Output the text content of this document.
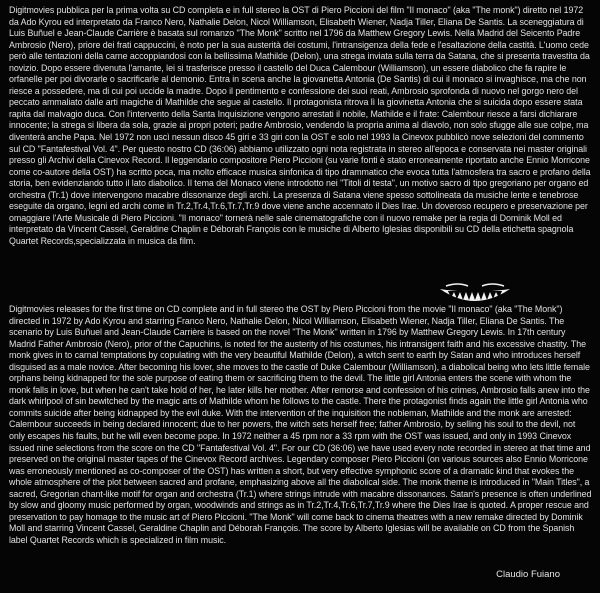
Digitmovies pubblica per la prima volta su CD completa e in full stereo la OST di Piero Piccioni del film "Il monaco" (aka "The monk") diretto nel 1972 da Ado Kyrou ed interpretato da Franco Nero, Nathalie Delon, Nicol Williamson, Elisabeth Wiener, Nadja Tiller, Eliana De Santis. La sceneggiatura di Luis Buñuel e Jean-Claude Carrière è basata sul romanzo "The Monk" scritto nel 1796 da Matthew Gregory Lewis. Nella Madrid del Seicento Padre Ambrosio (Nero), priore dei frati cappuccini, è noto per la sua austerità dei costumi, l'intransigenza della fede e l'esaltazione della castità. L'uomo cede però alle tentazioni della carne accoppiandosi con la bellissima Mathilde (Delon), una strega inviata sulla terra da Satana, che si presenta travestita da novizio. Dopo essere divenuta l'amante, lei si trasferisce presso il castello del Duca Calembour (Williamson), un essere diabolico che fa rapire le orfanelle per poi divorarle o sacrificarle al demonio. Entra in scena anche la giovanetta Antonia (De Santis) di cui il monaco si invaghisce, ma che non riesce a possedere, ma di cui poi uccide la madre. Dopo il pentimento e confessione dei suoi reati, Ambrosio sprofonda di nuovo nel gorgo nero del peccato ammaliato dalle arti magiche di Mathilde che segue al castello. Il protagonista ritrova lì la giovinetta Antonia che si suicida dopo essere stata rapita dal malvagio duca. Con l'intervento della Santa Inquisizione vengono arrestati il nobile, Mathilde e il frate: Calembour riesce a farsi dichiarare innocente; la strega si libera da sola, grazie ai propri poteri; padre Ambrosio, vendendo la propria anima al diavolo, non solo sfugge alle sue colpe, ma diventerà anche Papa. Nel 1972 non uscì nessun disco 45 giri e 33 giri con la OST e solo nel 1993 la Cinevox pubblicò nove selezioni del commento sul CD "Fantafestival Vol. 4". Per questo nostro CD (36:06) abbiamo utilizzato ogni nota registrata in stereo all'epoca e conservata nei master originali presso gli Archivi della Cinevox Record. Il leggendario compositore Piero Piccioni (su varie fonti è stato erroneamente riportato anche Ennio Morricone come co-autore della OST) ha scritto poca, ma molto efficace musica sinfonica di tipo drammatico che evoca tutta l'atmosfera tra sacro e profano della storia, ben evidenziando tutto il lato diabolico. Il tema del Monaco viene introdotto nei "Titoli di testa", un motivo sacro di tipo gregoriano per organo ed orchestra (Tr.1) dove intervengono macabre dissonanze degli archi. La presenza di Satana viene spesso sottolineata da musiche lente e tenebrose eseguite da organo, legni ed archi come in Tr.2,Tr.4,Tr.6,Tr.7,Tr.9 dove viene anche accennato il Dies Irae. Un doveroso recupero e preservazione per omaggiare l'Arte Musicale di Piero Piccioni. "Il monaco" tornerà nelle sale cinematografiche con il nuovo remake per la regia di Dominik Moll ed interpretato da Vincent Cassel, Geraldine Chaplin e Déborah François con le musiche di Alberto Iglesias disponibili su CD della etichetta spagnola Quartet Records,specializzata in musica da film.

Digitmovies releases for the first time on CD complete and in full stereo the OST by Piero Piccioni from the movie "Il monaco" (aka "The Monk") directed in 1972 by Ado Kyrou and starring Franco Nero, Nathalie Delon, Nicol Williamson, Elisabeth Wiener, Nadja Tiller, Eliana De Santis. The scenario by Luis Buñuel and Jean-Claude Carrière is based on the novel "The Monk" written in 1796 by Matthew Gregory Lewis. In 17th century Madrid Father Ambrosio (Nero), prior of the Capuchins, is noted for the austerity of his costumes, his intransigent faith and his excessive chastity. The monk gives in to carnal temptations by copulating with the very beautiful Mathilde (Delon), a witch sent to earth by Satan and who introduces herself disguised as a male novice. After becoming his lover, she moves to the castle of Duke Calembour (Williamson), a diabolical being who lets little female orphans being kidnapped for the sole purpose of eating them or sacrificing them to the devil. The little girl Antonia enters the scene with whom the monk falls in love, but when he can't take hold of her, he later kills her mother. After remorse and confession of his crimes, Ambrosio falls anew into the dark whirlpool of sin bewitched by the magic arts of Mathilde whom he follows to the castle. There the protagonist finds again the little girl Antonia who commits suicide after being kidnapped by the evil duke. With the intervention of the inquisition the nobleman, Mathilde and the monk are arrested: Calembour succeeds in being declared innocent; due to her powers, the witch sets herself free; father Ambrosio, by selling his soul to the devil, not only escapes his faults, but he will even become pope. In 1972 neither a 45 rpm nor a 33 rpm with the OST was issued, and only in 1993 Cinevox issued nine selections from the score on the CD "Fantafestival Vol. 4". For our CD (36:06) we have used every note recorded in stereo at that time and preserved on the original master tapes of the Cinevox Record archives. Legendary composer Piero Piccioni (on various sources also Ennio Morricone was erroneously mentioned as co-composer of the OST) has written a short, but very effective symphonic score of a dramatic kind that evokes the whole atmosphere of the plot between sacred and profane, emphasizing above all the diabolical side. The monk theme is introduced in "Main Titles", a sacred, Gregorian chant-like motif for organ and orchestra (Tr.1) where strings intrude with macabre dissonances. Satan's presence is often underlined by slow and gloomy music performed by organ, woodwinds and strings as in Tr.2,Tr.4,Tr.6,Tr.7,Tr.9 where the Dies Irae is quoted. A proper rescue and preservation to pay homage to the music art of Piero Piccioni. "The Monk" will come back to cinema theatres with a new remake directed by Dominik Moll and starring Vincent Cassel, Geraldine Chaplin and Déborah François. The score by Alberto Iglesias will be available on CD from the Spanish label Quartet Records which is specialized in film music.

Claudio Fuiano
